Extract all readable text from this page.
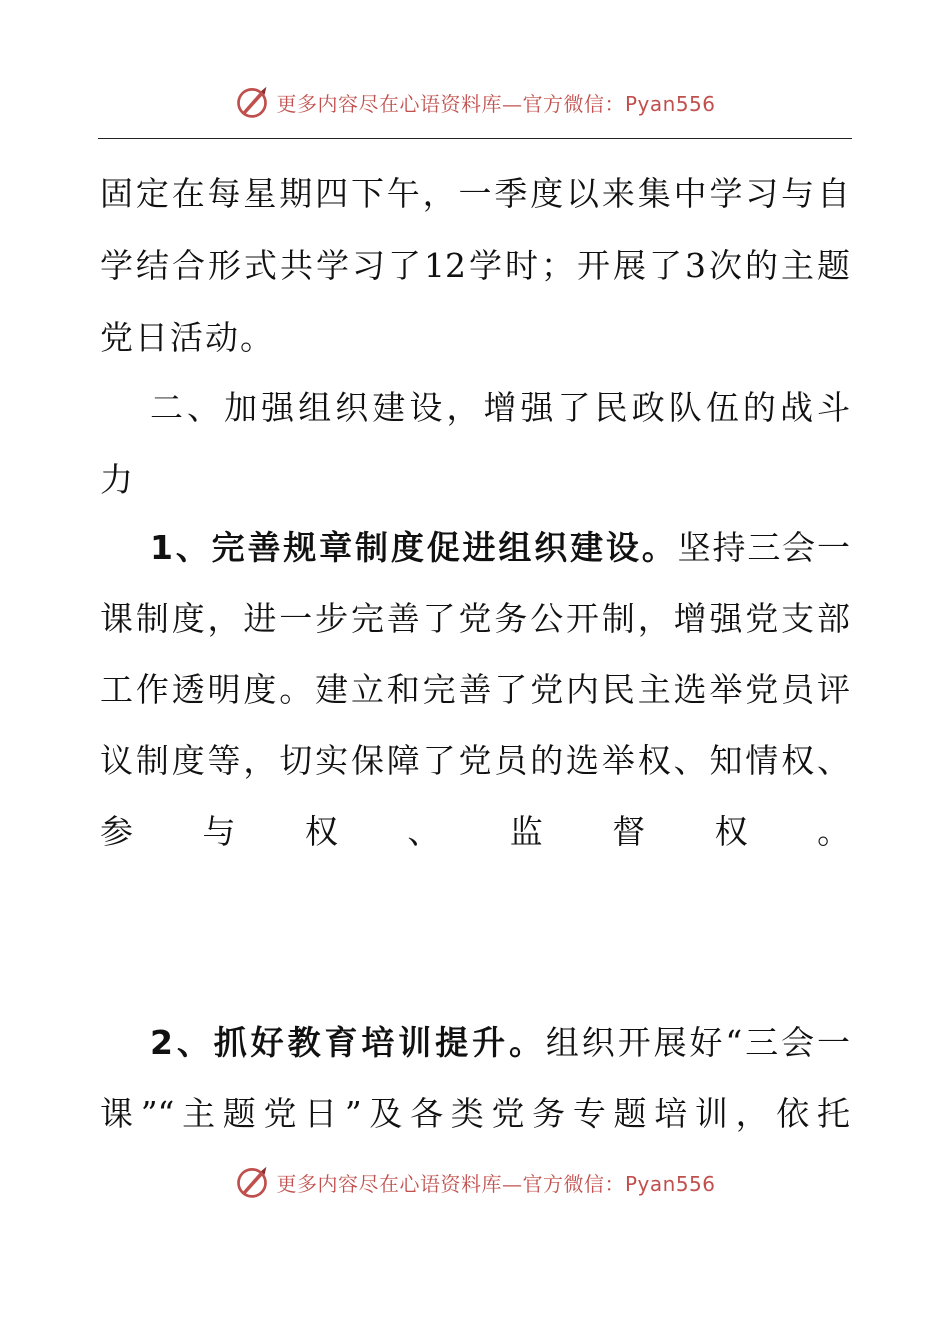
更多内容尽在心语资料库—官方微信：Pyan556
固定在每星期四下午，一季度以来集中学习与自
学结合形式共学习了12学时；开展了3次的主题
党日活动。
二、加强组织建设，增强了民政队伍的战斗
力
1、完善规章制度促进组织建设。坚持三会一
课制度，进一步完善了党务公开制，增强党支部
工作透明度。建立和完善了党内民主选举党员评
议制度等，切实保障了党员的选举权、知情权、
参 与 权 、 监 督 权 。
2、抓好教育培训提升。组织开展好“三会一
课”“主题党日”及各类党务专题培训，依托
更多内容尽在心语资料库—官方微信：Pyan556
